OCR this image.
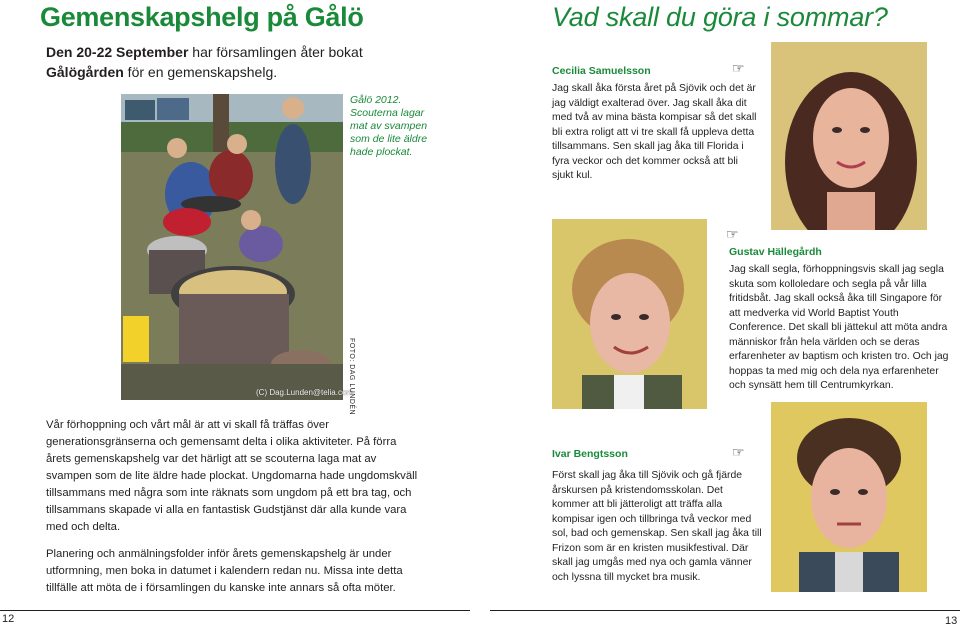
Gemenskapshelg på Gålö
Den 20-22 September har församlingen åter bokat
Gålögården för en gemenskapshelg.
Gålö 2012. Scouterna lagar mat av svampen som de lite äldre hade plockat.
(C) Dag.Lunden@telia.com
FOTO: DAG LUNDÉN

Vår förhoppning och vårt mål är att vi skall få träffas över generationsgränserna och gemensamt delta i olika aktiviteter. På förra årets gemenskapshelg var det härligt att se scouterna laga mat av svampen som de lite äldre hade plockat. Ungdomarna hade ungdomskväll tillsammans med några som inte räknats som ungdom på ett bra tag, och tillsammans skapade vi alla en fantastisk Gudstjänst där alla kunde vara med och delta.

Planering och anmälningsfolder inför årets gemenskapshelg är under utformning, men boka in datumet i kalendern redan nu. Missa inte detta tillfälle att möta de i församlingen du kanske inte annars så ofta möter.

12
Vad skall du göra i sommar?
Cecilia Samuelsson	☞
Jag skall åka första året på Sjövik och det är jag väldigt exalterad över. Jag skall åka dit med två av mina bästa kompisar så det skall bli extra roligt att vi tre skall få uppleva detta tillsammans. Sen skall jag åka till Florida i fyra veckor och det kommer också att bli sjukt kul.
☞
Gustav Hällegårdh
Jag skall segla, förhoppningsvis skall jag segla skuta som kolloledare och segla på vår lilla fritidsbåt. Jag skall också åka till Singapore för att medverka vid World Baptist Youth Conference. Det skall bli jättekul att möta andra människor från hela världen och se deras erfarenheter av baptism och kristen tro. Och jag hoppas ta med mig och dela nya erfarenheter och synsätt hem till Centrumkyrkan.
Ivar Bengtsson	☞
Först skall jag åka till Sjövik och gå fjärde årskursen på kristendomsskolan. Det kommer att bli jätteroligt att träffa alla kompisar igen och tillbringa två veckor med sol, bad och gemenskap. Sen skall jag åka till Frizon som är en kristen musikfestival. Där skall jag umgås med nya och gamla vänner och lyssna till mycket bra musik.
13
